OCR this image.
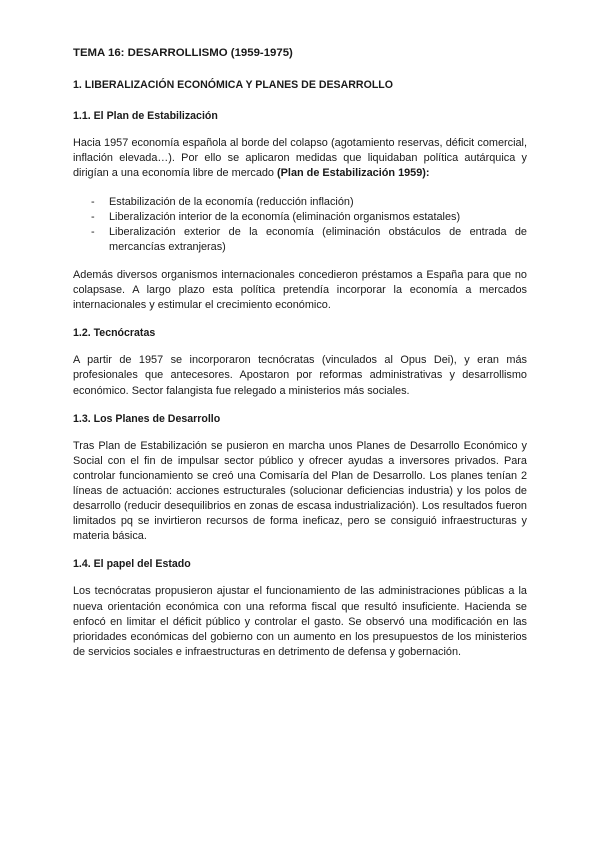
TEMA 16: DESARROLLISMO (1959-1975)
1. LIBERALIZACIÓN ECONÓMICA Y PLANES DE DESARROLLO
1.1. El Plan de Estabilización

Hacia 1957 economía española al borde del colapso (agotamiento reservas, déficit comercial, inflación elevada…). Por ello se aplicaron medidas que liquidaban política autárquica y dirigían a una economía libre de mercado (Plan de Estabilización 1959):

- Estabilización de la economía (reducción inflación)
- Liberalización interior de la economía (eliminación organismos estatales)
- Liberalización exterior de la economía (eliminación obstáculos de entrada de mercancías extranjeras)

Además diversos organismos internacionales concedieron préstamos a España para que no colapsase. A largo plazo esta política pretendía incorporar la economía a mercados internacionales y estimular el crecimiento económico.

1.2. Tecnócratas

A partir de 1957 se incorporaron tecnócratas (vinculados al Opus Dei), y eran más profesionales que antecesores. Apostaron por reformas administrativas y desarrollismo económico. Sector falangista fue relegado a ministerios más sociales.

1.3. Los Planes de Desarrollo

Tras Plan de Estabilización se pusieron en marcha unos Planes de Desarrollo Económico y Social con el fin de impulsar sector público y ofrecer ayudas a inversores privados. Para controlar funcionamiento se creó una Comisaría del Plan de Desarrollo. Los planes tenían 2 líneas de actuación: acciones estructurales (solucionar deficiencias industria) y los polos de desarrollo (reducir desequilibrios en zonas de escasa industrialización). Los resultados fueron limitados pq se invirtieron recursos de forma ineficaz, pero se consiguió infraestructuras y materia básica.

1.4. El papel del Estado

Los tecnócratas propusieron ajustar el funcionamiento de las administraciones públicas a la nueva orientación económica con una reforma fiscal que resultó insuficiente. Hacienda se enfocó en limitar el déficit público y controlar el gasto. Se observó una modificación en las prioridades económicas del gobierno con un aumento en los presupuestos de los ministerios de servicios sociales e infraestructuras en detrimento de defensa y gobernación.
